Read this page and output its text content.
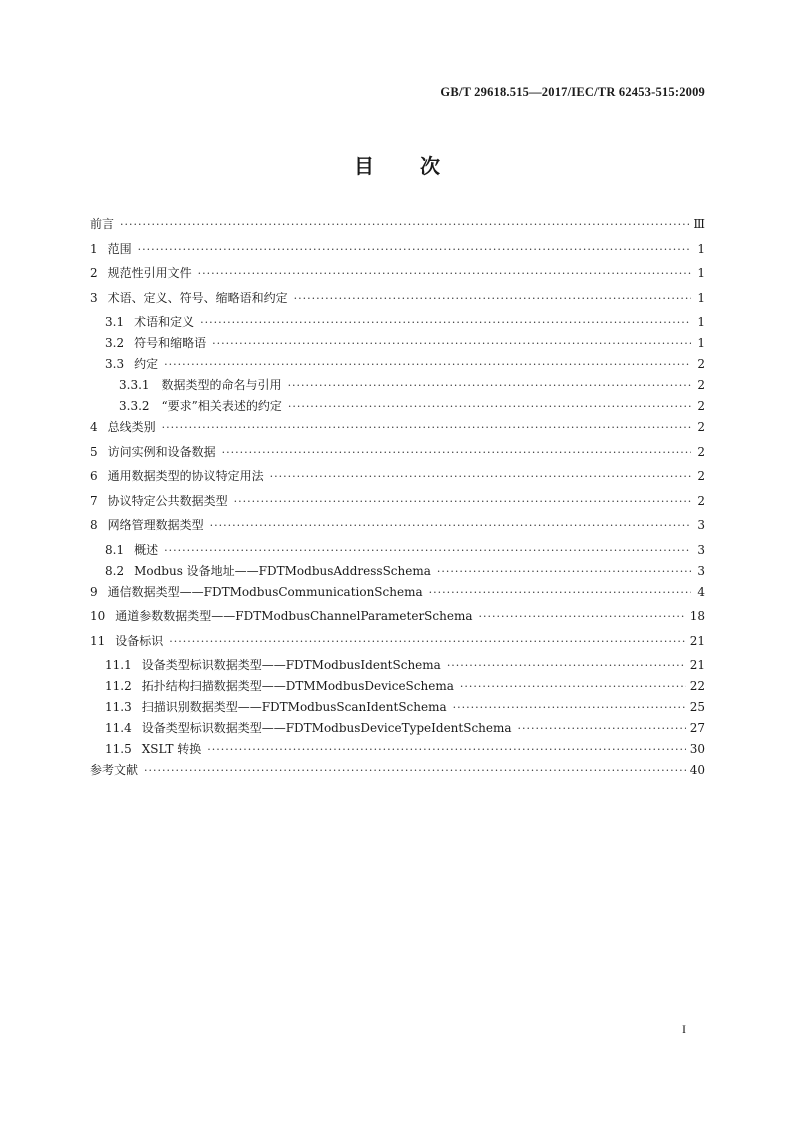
GB/T 29618.515—2017/IEC/TR 62453-515:2009
目 次
前言 ·····	Ⅲ
1 范围 ·····	1
2 规范性引用文件 ·····	1
3 术语、定义、符号、缩略语和约定 ·····	1
3.1 术语和定义 ·····	1
3.2 符号和缩略语 ·····	1
3.3 约定 ·····	2
3.3.1 数据类型的命名与引用 ·····	2
3.3.2 “要求”相关表述的约定 ·····	2
4 总线类别 ·····	2
5 访问实例和设备数据 ·····	2
6 通用数据类型的协议特定用法 ·····	2
7 协议特定公共数据类型 ·····	2
8 网络管理数据类型 ·····	3
8.1 概述 ·····	3
8.2 Modbus 设备地址——FDTModbusAddressSchema ·····	3
9 通信数据类型——FDTModbusCommunicationSchema ·····	4
10 通道参数数据类型——FDTModbusChannelParameterSchema ·····	18
11 设备标识 ·····	21
11.1 设备类型标识数据类型——FDTModbusIdentSchema ·····	21
11.2 拓扑结构扫描数据类型——DTMModbusDeviceSchema ·····	22
11.3 扫描识别数据类型——FDTModbusScanIdentSchema ·····	25
11.4 设备类型标识数据类型——FDTModbusDeviceTypeIdentSchema ·····	27
11.5 XSLT 转换 ·····	30
参考文献 ·····	40
I
